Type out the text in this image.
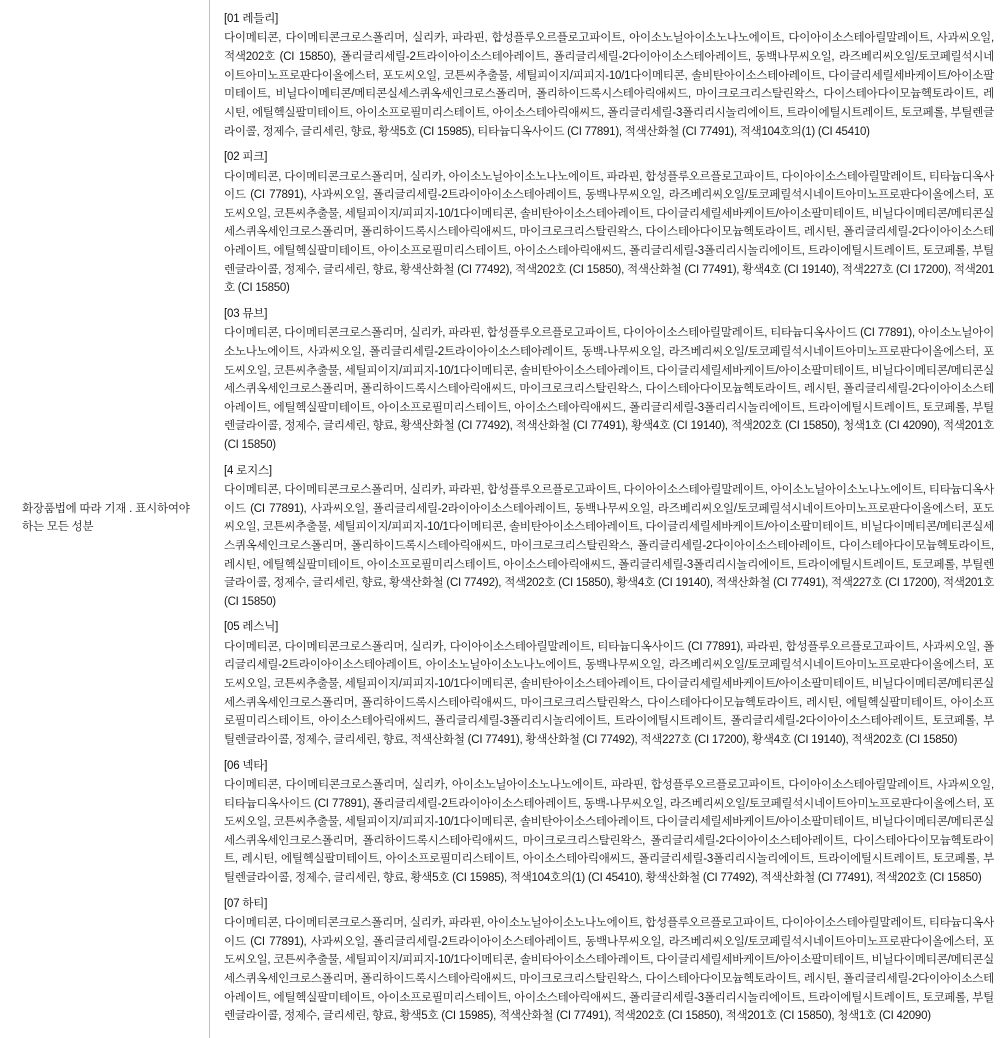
화장품법에 따라 기재 . 표시하여야 하는 모든 성분
[01 레들리]
다이메티콘, 다이메티콘크로스폴리머, 실리카, 파라핀, 합성플루오르플로고파이트, 아이소노닐아이소노나노에이트, 다이아이소스테아릴말레이트, 사과씨오일, 적색202호 (CI 15850), 폴리글리세릴-2트라이아이소스테아레이트, 폴리글리세릴-2다이아이소스테아레이트, 동백나무씨오일, 라즈베리씨오일/토코페릴석시네이트아미노프로판다이올에스터, 포도씨오일, 코튼씨추출물, 세틸피이지/피피지-10/1다이메티콘, 솔비탄아이소스테아레이트, 다이글리세릴세바케이트/아이소팔미테이트, 비닐다이메티콘/메티콘실세스퀴옥세인크로스폴리머, 폴리하이드록시스테아릭애씨드, 마이크로크리스탈린왁스, 다이스테아다이모늄헥토라이트, 레시틴, 에틸헥실팔미테이트, 아이소프로필미리스테이트, 아이소스테아릭애씨드, 폴리글리세릴-3폴리리시놀리에이트, 트라이에틸시트레이트, 토코페롤, 부틸렌글라이콜, 정제수, 글리세린, 향료, 황색5호 (CI 15985), 티타늄디옥사이드 (CI 77891), 적색산화철 (CI 77491), 적색104호의(1) (CI 45410)
[02 피크]
다이메티콘, 다이메티콘크로스폴리머, 실리카, 아이소노닐아이소노나노에이트, 파라핀, 합성플루오르플로고파이트, 다이아이소스테아릴말레이트, 티타늄디옥사이드 (CI 77891), 사과씨오일, 폴리글리세릴-2트라이아이소스테아레이트, 동백나무씨오일, 라즈베리씨오일/토코페릴석시네이트아미노프로판다이올에스터, 포도씨오일, 코튼씨추출물, 세틸피이지/피피지-10/1다이메티콘, 솔비탄아이소스테아레이트, 다이글리세릴세바케이트/아이소팔미테이트, 비닐다이메티콘/메티콘실세스퀴옥세인크로스폴리머, 폴리하이드록시스테아릭애씨드, 마이크로크리스탈린왁스, 다이스테아다이모늄헥토라이트, 레시틴, 폴리글리세릴-2다이아이소스테아레이트, 에틸헥실팔미테이트, 아이소프로필미리스테이트, 아이소스테아릭애씨드, 폴리글리세릴-3폴리리시놀리에이트, 트라이에틸시트레이트, 토코페롤, 부틸렌글라이콜, 정제수, 글리세린, 향료, 황색산화철 (CI 77492), 적색202호 (CI 15850), 적색산화철 (CI 77491), 황색4호 (CI 19140), 적색227호 (CI 17200), 적색201호 (CI 15850)
[03 뮤브]
다이메티콘, 다이메티콘크로스폴리머, 실리카, 파라핀, 합성플루오르플로고파이트, 다이아이소스테아릴말레이트, 티타늄디옥사이드 (CI 77891), 아이소노닐아이소노나노에이트, 사과씨오일, 폴리글리세릴-2트라이아이소스테아레이트, 동백-나무씨오일, 라즈베리씨오일/토코페릴석시네이트아미노프로판다이올에스터, 포도씨오일, 코튼씨추출물, 세틸피이지/피피지-10/1다이메티콘, 솔비탄아이소스테아레이트, 다이글리세릴세바케이트/아이소팔미테이트, 비닐다이메티콘/메티콘실세스퀴옥세인크로스폴리머, 폴리하이드록시스테아릭애씨드, 마이크로크리스탈린왁스, 다이스테아다이모늄헥토라이트, 레시틴, 폴리글리세릴-2다이아이소스테아레이트, 에틸헥실팔미테이트, 아이소프로필미리스테이트, 아이소스테아릭애씨드, 폴리글리세릴-3폴리리시놀리에이트, 트라이에틸시트레이트, 토코페롤, 부틸렌글라이콜, 정제수, 글리세린, 향료, 황색산화철 (CI 77492), 적색산화철 (CI 77491), 황색4호 (CI 19140), 적색202호 (CI 15850), 청색1호 (CI 42090), 적색201호 (CI 15850)
[4 로지스]
다이메티콘, 다이메티콘크로스폴리머, 실리카, 파라핀, 합성플루오르플로고파이트, 다이아이소스테아릴말레이트, 아이소노닐아이소노나노에이트, 티타늄디옥사이드 (CI 77891), 사과씨오일, 폴리글리세릴-2라이아이소스테아레이트, 동백나무씨오일, 라즈베리씨오일/토코페릴석시네이트아미노프로판다이올에스터, 포도씨오일, 코튼씨추출물, 세틸피이지/피피지-10/1다이메티콘, 솔비탄아이소스테아레이트, 다이글리세릴세바케이트/아이소팔미테이트, 비닐다이메티콘/메티콘실세스퀴옥세인크로스폴리머, 폴리하이드록시스테아릭애씨드, 마이크로크리스탈린왁스, 폴리글리세릴-2다이아이소스테아레이트, 다이스테아다이모늄헥토라이트, 레시틴, 에틸헥실팔미테이트, 아이소프로필미리스테이트, 아이소스테아릭애씨드, 폴리글리세릴-3폴리리시놀리에이트, 트라이에틸시트레이트, 토코페롤, 부틸렌글라이콜, 정제수, 글리세린, 향료, 황색산화철 (CI 77492), 적색202호 (CI 15850), 황색4호 (CI 19140), 적색산화철 (CI 77491), 적색227호 (CI 17200), 적색201호 (CI 15850)
[05 레스닉]
다이메티콘, 다이메티콘크로스폴리머, 실리카, 다이아이소스테아릴말레이트, 티타늄디옥사이드 (CI 77891), 파라핀, 합성플루오르플로고파이트, 사과씨오일, 폴리글리세릴-2트라이아이소스테아레이트, 아이소노닐아이소노나노에이트, 동백나무씨오일, 라즈베리씨오일/토코페릴석시네이트아미노프로판다이올에스터, 포도씨오일, 코튼씨추출물, 세틸피이지/피피지-10/1다이메티콘, 솔비탄아이소스테아레이트, 다이글리세릴세바케이트/아이소팔미테이트, 비닐다이메티콘/메티콘실세스퀴옥세인크로스폴리머, 폴리하이드록시스테아릭애씨드, 마이크로크리스탈린왁스, 다이스테아다이모늄헥토라이트, 레시틴, 에틸헥실팔미테이트, 아이소프로필미리스테이트, 아이소스테아릭애씨드, 폴리글리세릴-3폴리리시놀리에이트, 트라이에틸시트레이트, 폴리글리세릴-2다이아이소스테아레이트, 토코페롤, 부틸렌글라이콜, 정제수, 글리세린, 향료, 적색산화철 (CI 77491), 황색산화철 (CI 77492), 적색227호 (CI 17200), 황색4호 (CI 19140), 적색202호 (CI 15850)
[06 넥타]
다이메티콘, 다이메티콘크로스폴리머, 실리카, 아이소노닐아이소노나노에이트, 파라핀, 합성플루오르플로고파이트, 다이아이소스테아릴말레이트, 사과씨오일, 티타늄디옥사이드 (CI 77891), 폴리글리세릴-2트라이아이소스테아레이트, 동백-나무씨오일, 라즈베리씨오일/토코페릴석시네이트아미노프로판다이올에스터, 포도씨오일, 코튼씨추출물, 세틸피이지/피피지-10/1다이메티콘, 솔비탄아이소스테아레이트, 다이글리세릴세바케이트/아이소팔미테이트, 비닐다이메티콘/메티콘실세스퀴옥세인크로스폴리머, 폴리하이드록시스테아릭애씨드, 마이크로크리스탈린왁스, 폴리글리세릴-2다이아이소스테아레이트, 다이스테아다이모늄헥토라이트, 레시틴, 에틸헥실팔미테이트, 아이소프로필미리스테이트, 아이소스테아릭애씨드, 폴리글리세릴-3폴리리시놀리에이트, 트라이에틸시트레이트, 토코페롤, 부틸렌글라이콜, 정제수, 글리세린, 향료, 황색5호 (CI 15985), 적색104호의(1) (CI 45410), 황색산화철 (CI 77492), 적색산화철 (CI 77491), 적색202호 (CI 15850)
[07 하티]
다이메티콘, 다이메티콘크로스폴리머, 실리카, 파라핀, 아이소노닐아이소노나노에이트, 합성플루오르플로고파이트, 다이아이소스테아릴말레이트, 티타늄디옥사이드 (CI 77891), 사과씨오일, 폴리글리세릴-2트라이아이소스테아레이트, 동백나무씨오일, 라즈베리씨오일/토코페릴석시네이트아미노프로판다이올에스터, 포도씨오일, 코튼씨추출물, 세틸피이지/피피지-10/1다이메티콘, 솔비타아이소스테아레이트, 다이글리세릴세바케이트/아이소팔미테이트, 비닐다이메티콘/메티콘실세스퀴옥세인크로스폴리머, 폴리하이드록시스테아릭애씨드, 마이크로크리스탈린왁스, 다이스테아다이모늄헥토라이트, 레시틴, 폴리글리세릴-2다이아이소스테아레이트, 에틸헥실팔미테이트, 아이소프로필미리스테이트, 아이소스테아릭애씨드, 폴리글리세릴-3폴리리시놀리에이트, 트라이에틸시트레이트, 토코페롤, 부틸렌글라이콜, 정제수, 글리세린, 향료, 황색5호 (CI 15985), 적색산화철 (CI 77491), 적색202호 (CI 15850), 적색201호 (CI 15850), 청색1호 (CI 42090)
